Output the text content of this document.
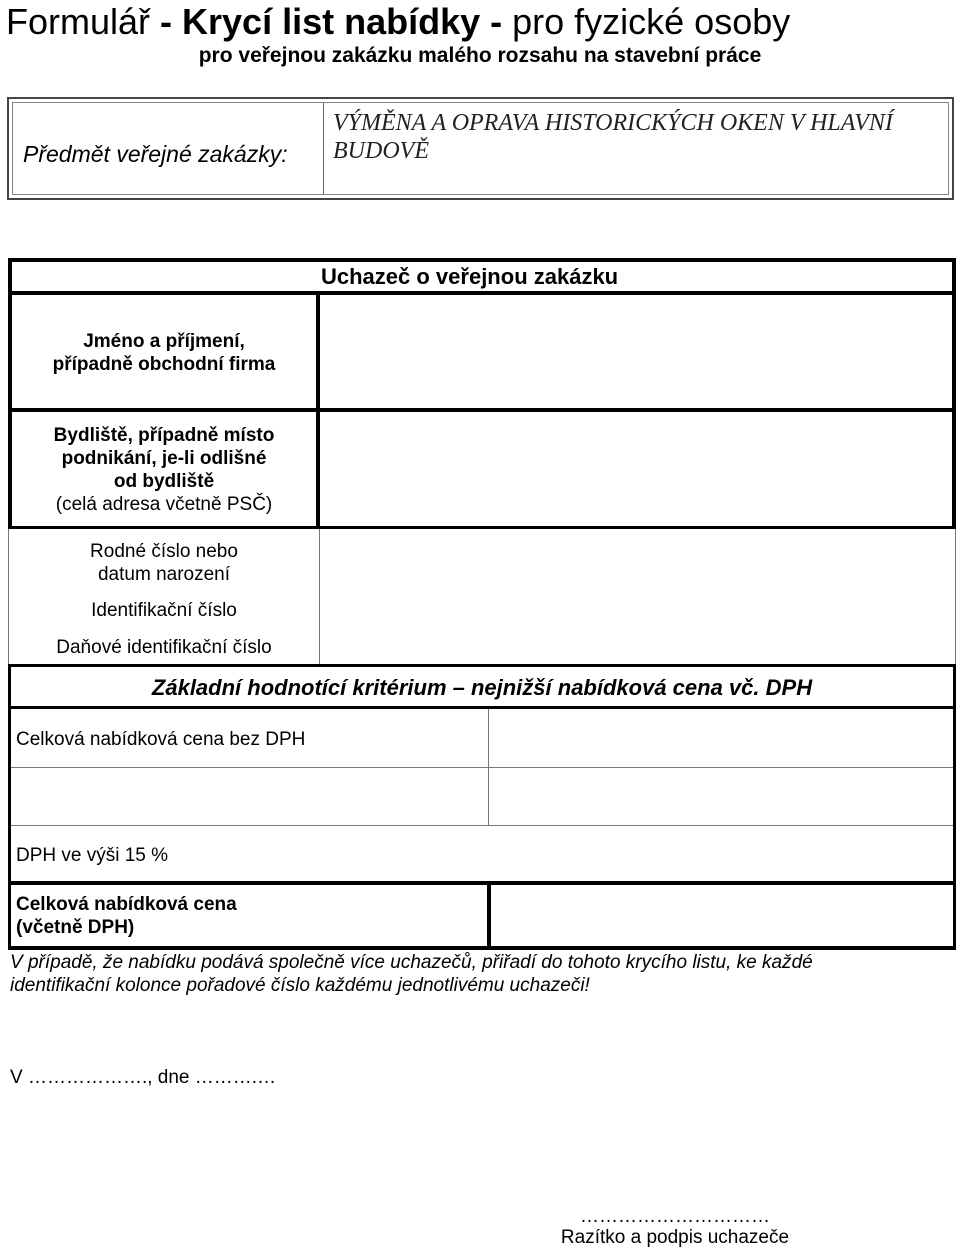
Formulář - Krycí list nabídky - pro fyzické osoby
pro veřejnou zakázku malého rozsahu na stavební práce
Předmět veřejné zakázky:
VÝMĚNA A OPRAVA HISTORICKÝCH OKEN V HLAVNÍ BUDOVĚ
Uchazeč o veřejnou zakázku
Jméno a příjmení,
případně obchodní firma
Bydliště, případně místo
podnikání, je-li odlišné
od bydliště
(celá adresa včetně PSČ)
Rodné číslo nebo
datum narození
Identifikační číslo
Daňové identifikační číslo
Základní hodnotící kritérium – nejnižší nabídková cena vč. DPH
Celková nabídková cena bez DPH
DPH ve výši 15 %
Celková nabídková cena
(včetně DPH)
V případě, že nabídku podává společně více uchazečů, přiřadí do tohoto krycího listu, ke každé
identifikační kolonce pořadové číslo každému jednotlivému uchazeči!
V ………………., dne ……….…
…………………………
Razítko a podpis uchazeče
